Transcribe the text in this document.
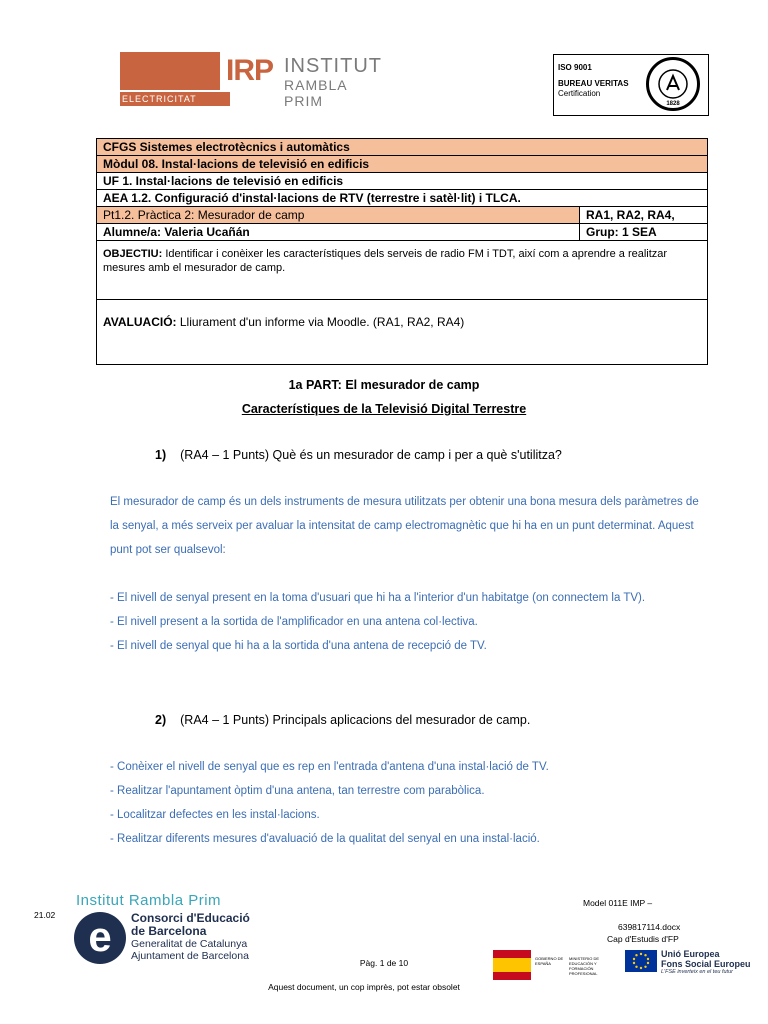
IRP INSTITUT
RAMBLA PRIM
ELECTRICITAT
ISO 9001
BUREAU VERITAS
Certification
1828
CFGS Sistemes electrotècnics i automàtics	
Mòdul 08. Instal·lacions de televisió en edificis	
UF 1. Instal·lacions de televisió en edificis	
AEA 1.2. Configuració d'instal·lacions de RTV (terrestre i satèl·lit) i TLCA.	
Pt1.2. Pràctica 2: Mesurador de camp	RA1, RA2, RA4,
Alumne/a: Valeria Ucañán	Grup: 1 SEA
OBJECTIU: Identificar i conèixer les característiques dels serveis de radio FM i TDT, així com a aprendre a realitzar mesures amb el mesurador de camp.	
AVALUACIÓ: Lliurament d'un informe via Moodle. (RA1, RA2, RA4)	
1a PART: El mesurador de camp
Característiques de la Televisió Digital Terrestre
1) (RA4 – 1 Punts) Què és un mesurador de camp i per a què s'utilitza?
El mesurador de camp és un dels instruments de mesura utilitzats per obtenir una bona mesura dels paràmetres de la senyal, a més serveix per avaluar la intensitat de camp electromagnètic que hi ha en un punt determinat. Aquest punt pot ser qualsevol:
- El nivell de senyal present en la toma d'usuari que hi ha a l'interior d'un habitatge (on connectem la TV).
- El nivell present a la sortida de l'amplificador en una antena col·lectiva.
- El nivell de senyal que hi ha a la sortida d'una antena de recepció de TV.
2) (RA4 – 1 Punts) Principals aplicacions del mesurador de camp.
- Conèixer el nivell de senyal que es rep en l'entrada d'antena d'una instal·lació de TV.
- Realitzar l'apuntament òptim d'una antena, tan terrestre com parabòlica.
- Localitzar defectes en les instal·lacions.
- Realitzar diferents mesures d'avaluació de la qualitat del senyal en una instal·lació.
21.02
Institut Rambla Prim
e	Consorci d'Educació
de Barcelona
Generalitat de Catalunya
Ajuntament de Barcelona
Model 011E IMP –
639817114.docx
Cap d'Estudis d'FP
Pàg. 1 de 10
Aquest document, un cop imprès, pot estar obsolet
GOBIERNO DE ESPAÑA
MINISTERIO DE EDUCACIÓN Y FORMACIÓN PROFESIONAL
Unió Europea
Fons Social Europeu
L'FSE inverteix en el teu futur
